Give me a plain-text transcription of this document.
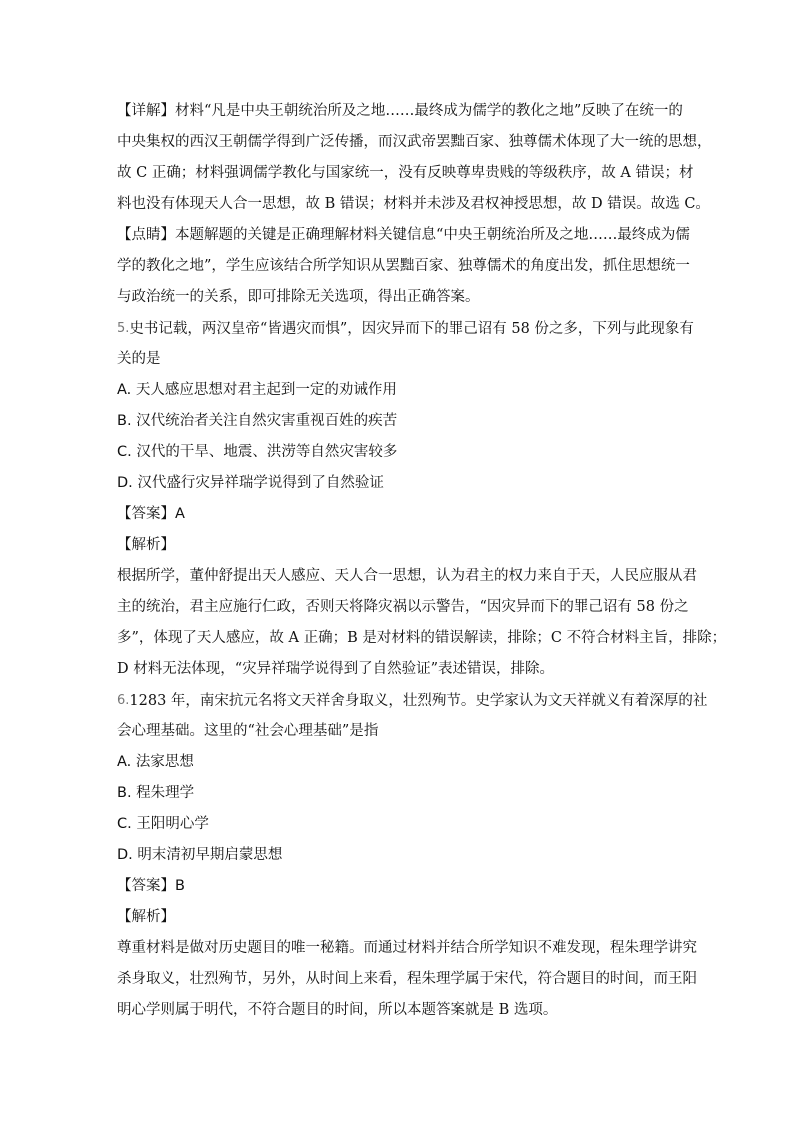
【详解】材料“凡是中央王朝统治所及之地……最终成为儒学的教化之地”反映了在统一的
中央集权的西汉王朝儒学得到广泛传播，而汉武帝罢黜百家、独尊儒术体现了大一统的思想，
故 C 正确；材料强调儒学教化与国家统一，没有反映尊卑贵贱的等级秩序，故 A 错误；材
料也没有体现天人合一思想，故 B 错误；材料并未涉及君权神授思想，故 D 错误。故选 C。
【点睛】本题解题的关键是正确理解材料关键信息“中央王朝统治所及之地……最终成为儒
学的教化之地”，学生应该结合所学知识从罢黜百家、独尊儒术的角度出发，抓住思想统一
与政治统一的关系，即可排除无关选项，得出正确答案。
5.史书记载，两汉皇帝“皆遇灾而惧”，因灾异而下的罪己诏有 58 份之多，下列与此现象有
关的是
A. 天人感应思想对君主起到一定的劝诫作用
B. 汉代统治者关注自然灾害重视百姓的疾苦
C. 汉代的干旱、地震、洪涝等自然灾害较多
D. 汉代盛行灾异祥瑞学说得到了自然验证
【答案】A
【解析】
根据所学，董仲舒提出天人感应、天人合一思想，认为君主的权力来自于天，人民应服从君
主的统治，君主应施行仁政，否则天将降灾祸以示警告，“因灾异而下的罪己诏有 58 份之
多”，体现了天人感应，故 A 正确；B 是对材料的错误解读，排除；C 不符合材料主旨，排除；
D 材料无法体现，“灾异祥瑞学说得到了自然验证”表述错误，排除。
6.1283 年，南宋抗元名将文天祥舍身取义，壮烈殉节。史学家认为文天祥就义有着深厚的社
会心理基础。这里的“社会心理基础”是指
A. 法家思想
B. 程朱理学
C. 王阳明心学
D. 明末清初早期启蒙思想
【答案】B
【解析】
尊重材料是做对历史题目的唯一秘籍。而通过材料并结合所学知识不难发现，程朱理学讲究
杀身取义，壮烈殉节，另外，从时间上来看，程朱理学属于宋代，符合题目的时间，而王阳
明心学则属于明代，不符合题目的时间，所以本题答案就是 B 选项。
